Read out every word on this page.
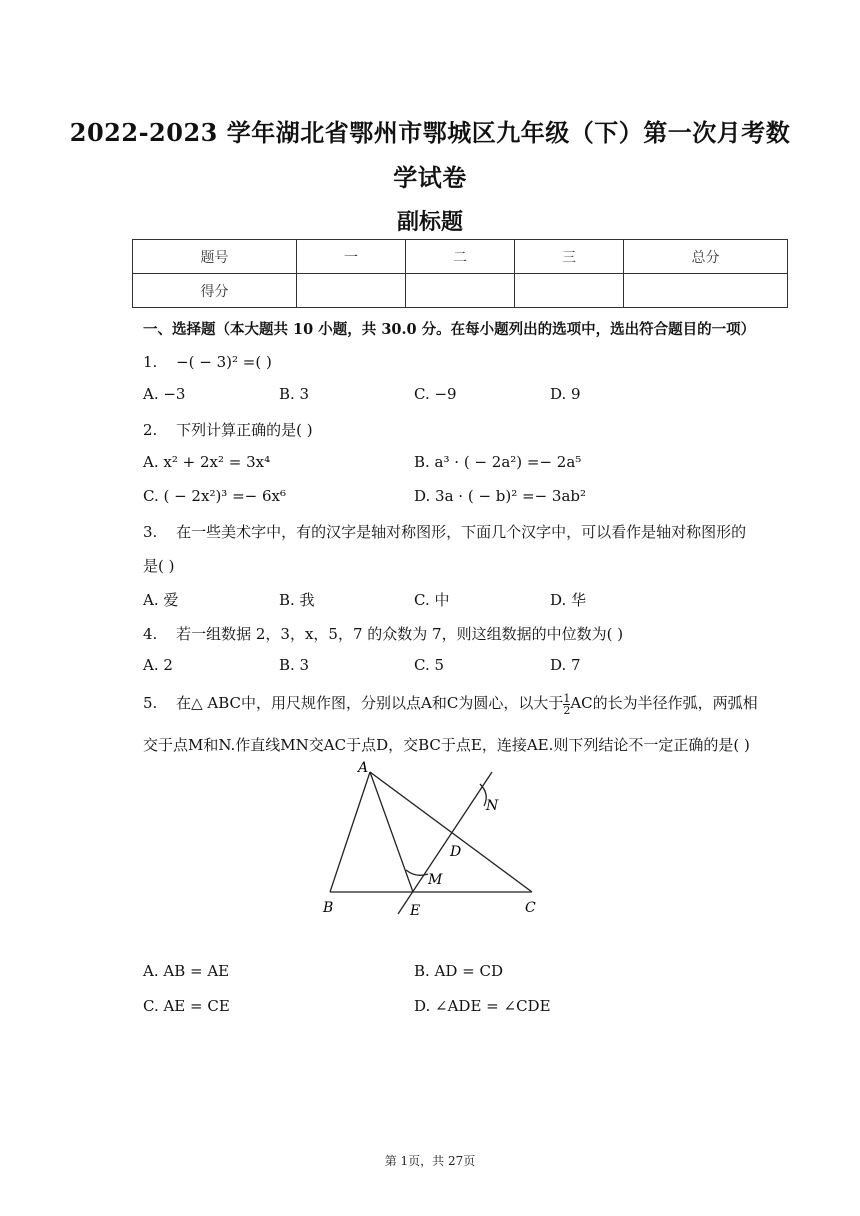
2022-2023 学年湖北省鄂州市鄂城区九年级（下）第一次月考数
学试卷
副标题
题号	一	二	三	总分
得分				
一、选择题（本大题共 10 小题，共 30.0 分。在每小题列出的选项中，选出符合题目的一项）
1. −( − 3)² =( )
A. −3	B. 3	C. −9	D. 9
2. 下列计算正确的是( )
A. x² + 2x² = 3x⁴	B. a³ · ( − 2a²) =− 2a⁵
C. ( − 2x²)³ =− 6x⁶	D. 3a · ( − b)² =− 3ab²
3. 在一些美术字中，有的汉字是轴对称图形，下面几个汉字中，可以看作是轴对称图形的
是( )
A. 爱	B. 我	C. 中	D. 华
4. 若一组数据 2，3，x，5，7 的众数为 7，则这组数据的中位数为( )
A. 2	B. 3	C. 5	D. 7
5. 在△ ABC中，用尺规作图，分别以点A和C为圆心，以大于 $\frac{1}{2}$ AC的长为半径作弧，两弧相
交于点M和N.作直线MN交AC于点D，交BC于点E，连接AE.则下列结论不一定正确的是( )
A
B	C
D
E
M
N
A. AB = AE	B. AD = CD
C. AE = CE	D. ∠ADE = ∠CDE
第 1页，共 27页
